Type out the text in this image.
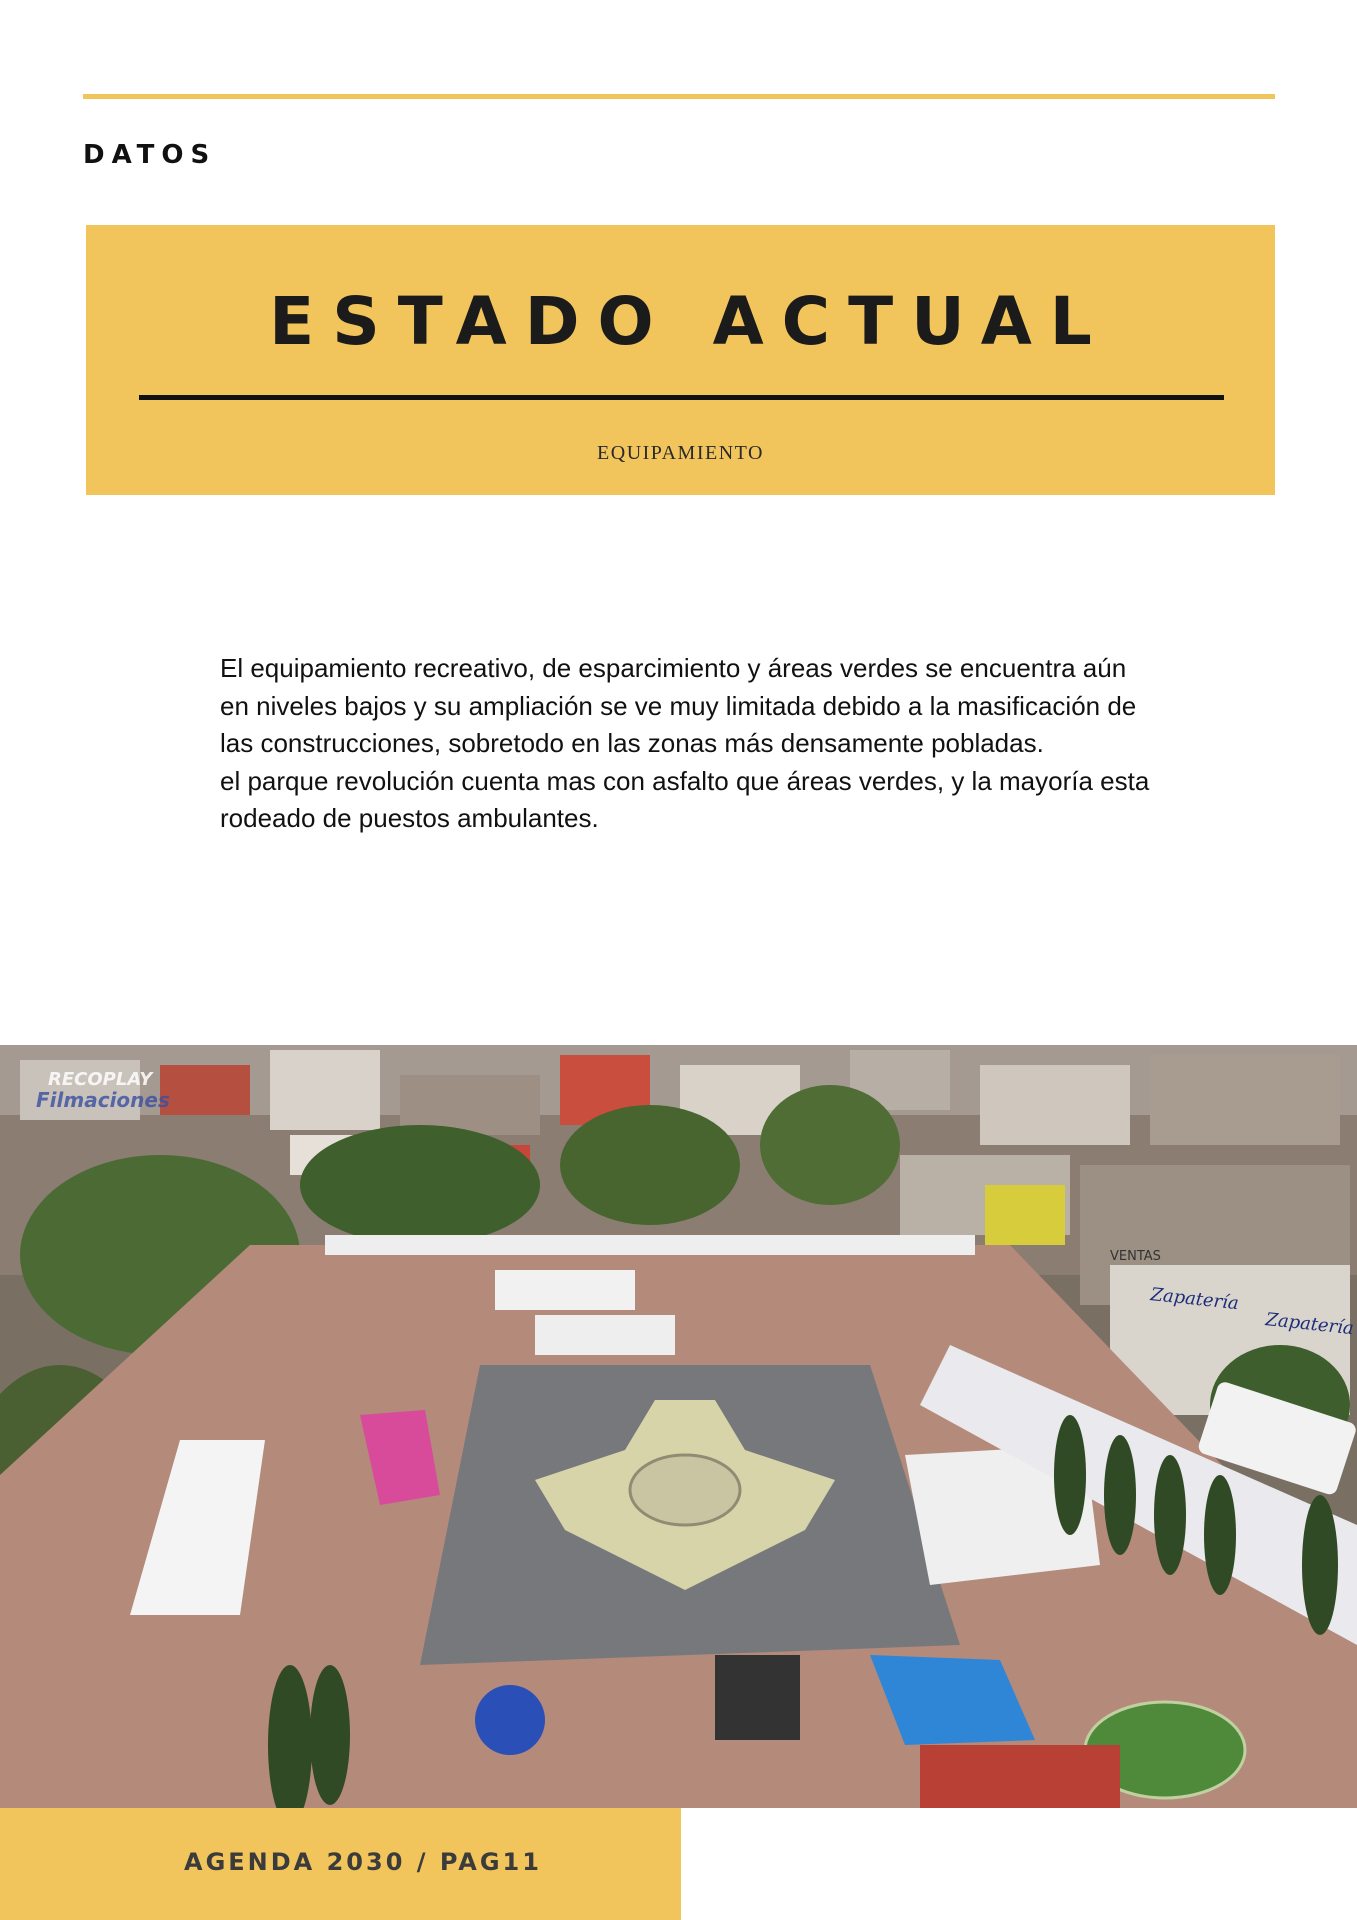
DATOS
ESTADO ACTUAL
EQUIPAMIENTO

El equipamiento recreativo, de esparcimiento y áreas verdes se encuentra aún en niveles bajos y su ampliación se ve muy limitada debido a la masificación de las construcciones, sobretodo en las zonas más densamente pobladas.

el parque revolución cuenta mas con asfalto que áreas verdes, y la mayoría esta rodeado de puestos ambulantes.

VENTAS
Zapatería
Zapatería
RECOPLAY
Filmaciones
AGENDA 2030 / PAG11
